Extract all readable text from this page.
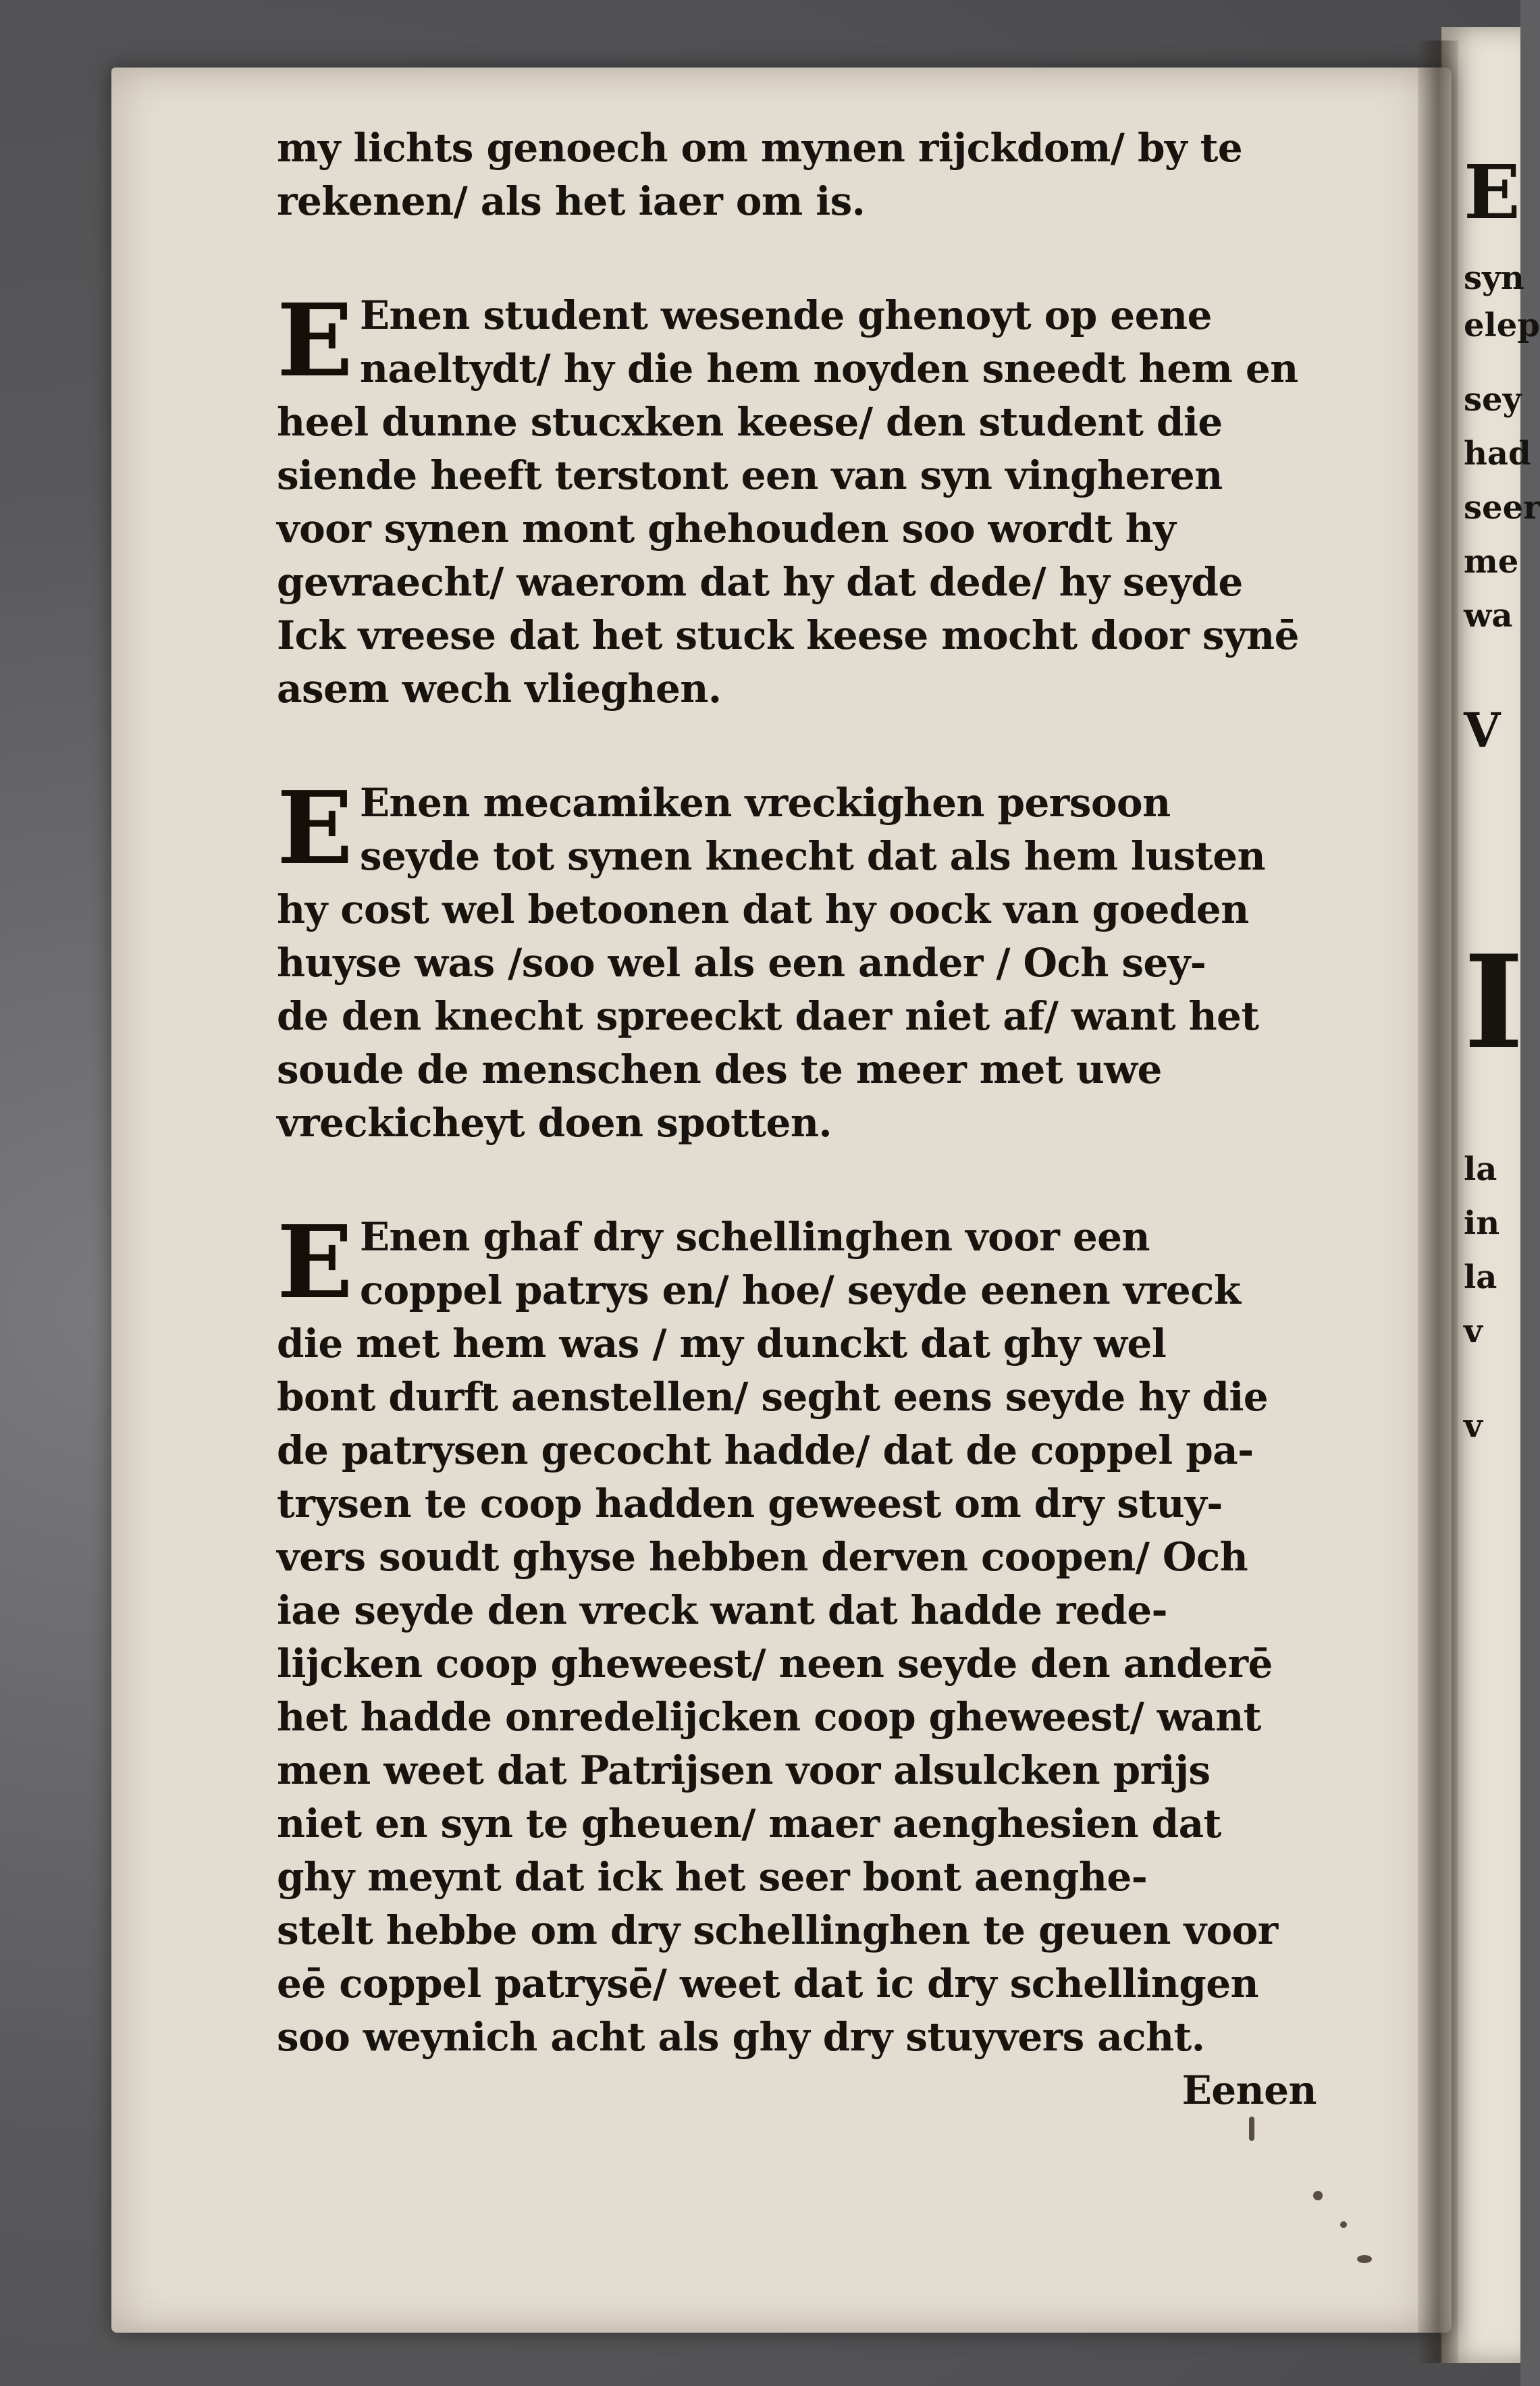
my lichts genoech om mynen rijckdom/ by te
rekenen/ als het iaer om is.
E Enen student wesende ghenoyt op eene
naeltydt/ hy die hem noyden sneedt hem en
heel dunne stucxken keese/ den student die
siende heeft terstont een van syn vingheren
voor synen mont ghehouden soo wordt hy
gevraecht/ waerom dat hy dat dede/ hy seyde
Ick vreese dat het stuck keese mocht door synē
asem wech vlieghen.
E Enen mecamiken vreckighen persoon
seyde tot synen knecht dat als hem lusten
hy cost wel betoonen dat hy oock van goeden
huyse was /soo wel als een ander / Och sey-
de den knecht spreeckt daer niet af/ want het
soude de menschen des te meer met uwe
vreckicheyt doen spotten.
E Enen ghaf dry schellinghen voor een
coppel patrys en/ hoe/ seyde eenen vreck
die met hem was / my dunckt dat ghy wel
bont durft aenstellen/ seght eens seyde hy die
de patrysen gecocht hadde/ dat de coppel pa-
trysen te coop hadden geweest om dry stuy-
vers soudt ghyse hebben derven coopen/ Och
iae seyde den vreck want dat hadde rede-
lijcken coop gheweest/ neen seyde den anderē
het hadde onredelijcken coop gheweest/ want
men weet dat Patrijsen voor alsulcken prijs
niet en syn te gheuen/ maer aenghesien dat
ghy meynt dat ick het seer bont aenghe-
stelt hebbe om dry schellinghen te geuen voor
eē coppel patrysē/ weet dat ic dry schellingen
soo weynich acht als ghy dry stuyvers acht.
Eenen
E
syn
elep
sey
had
seer
me
wa
V
I
la
in
la
v
v
